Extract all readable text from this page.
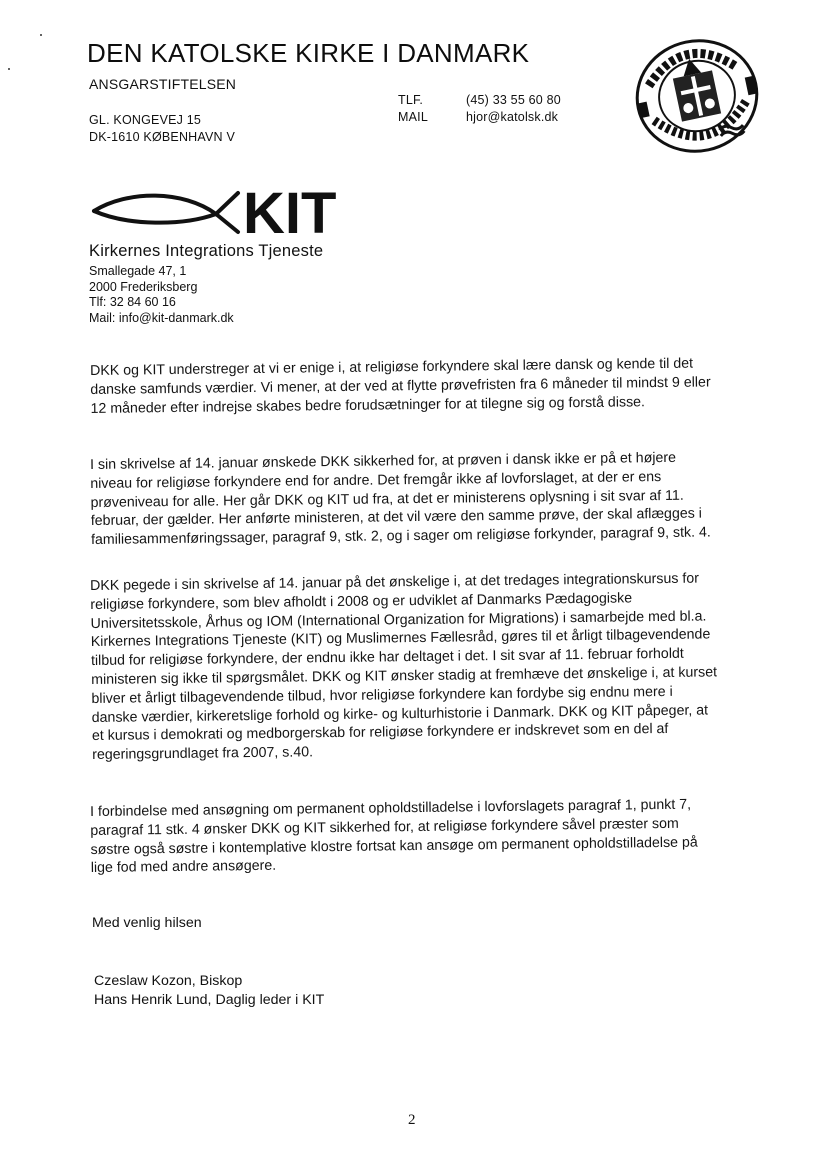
DEN KATOLSKE KIRKE I DANMARK
ANSGARSTIFTELSEN
GL. KONGEVEJ 15
DK-1610 KØBENHAVN V
TLF.
MAIL
(45) 33 55 60 80
hjor@katolsk.dk
KIT
Kirkernes Integrations Tjeneste
Smallegade 47, 1
2000 Frederiksberg
Tlf: 32 84 60 16
Mail: info@kit-danmark.dk

DKK og KIT understreger at vi er enige i, at religiøse forkyndere skal lære dansk og kende til det danske samfunds værdier. Vi mener, at der ved at flytte prøvefristen fra 6 måneder til mindst 9 eller 12 måneder efter indrejse skabes bedre forudsætninger for at tilegne sig og forstå disse.

I sin skrivelse af 14. januar ønskede DKK sikkerhed for, at prøven i dansk ikke er på et højere niveau for religiøse forkyndere end for andre. Det fremgår ikke af lovforslaget, at der er ens prøveniveau for alle. Her går DKK og KIT ud fra, at det er ministerens oplysning i sit svar af 11. februar, der gælder. Her anførte ministeren, at det vil være den samme prøve, der skal aflægges i familiesammenføringssager, paragraf 9, stk. 2, og i sager om religiøse forkynder, paragraf 9, stk. 4.

DKK pegede i sin skrivelse af 14. januar på det ønskelige i, at det tredages integrationskursus for religiøse forkyndere, som blev afholdt i 2008 og er udviklet af Danmarks Pædagogiske Universitetsskole, Århus og IOM (International Organization for Migrations) i samarbejde med bl.a. Kirkernes Integrations Tjeneste (KIT) og Muslimernes Fællesråd, gøres til et årligt tilbagevendende tilbud for religiøse forkyndere, der endnu ikke har deltaget i det. I sit svar af 11. februar forholdt ministeren sig ikke til spørgsmålet. DKK og KIT ønsker stadig at fremhæve det ønskelige i, at kurset bliver et årligt tilbagevendende tilbud, hvor religiøse forkyndere kan fordybe sig endnu mere i danske værdier, kirkeretslige forhold og kirke- og kulturhistorie i Danmark. DKK og KIT påpeger, at et kursus i demokrati og medborgerskab for religiøse forkyndere er indskrevet som en del af regeringsgrundlaget fra 2007, s.40.

I forbindelse med ansøgning om permanent opholdstilladelse i lovforslagets paragraf 1, punkt 7, paragraf 11 stk. 4 ønsker DKK og KIT sikkerhed for, at religiøse forkyndere såvel præster som søstre også søstre i kontemplative klostre fortsat kan ansøge om permanent opholdstilladelse på lige fod med andre ansøgere.

Med venlig hilsen
Czeslaw Kozon, Biskop
Hans Henrik Lund, Daglig leder i KIT
2
